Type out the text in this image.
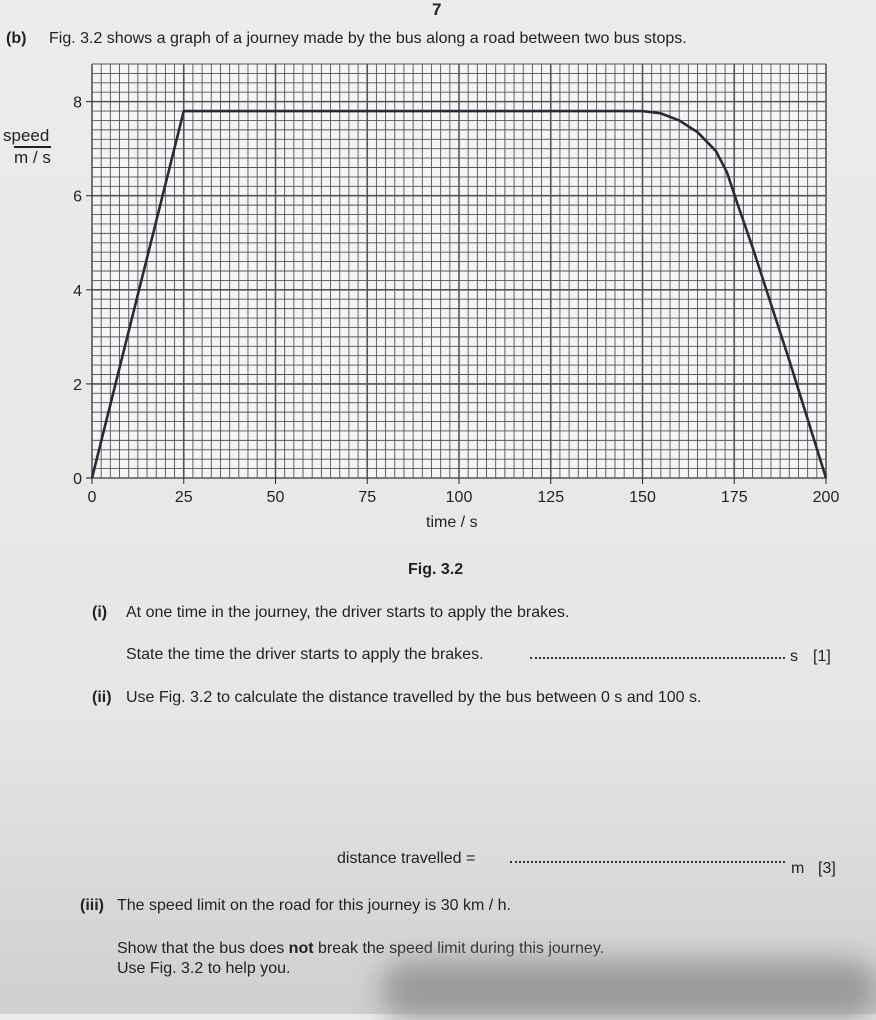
7
(b) Fig. 3.2 shows a graph of a journey made by the bus along a road between two bus stops.
speed
m / s
0	25	50	75	100	125	150	175	200
0
2
4
6
8
time / s
Fig. 3.2
(i) At one time in the journey, the driver starts to apply the brakes.
State the time the driver starts to apply the brakes.	s [1]
(ii) Use Fig. 3.2 to calculate the distance travelled by the bus between 0 s and 100 s.
distance travelled =
m [3]
(iii) The speed limit on the road for this journey is 30 km / h.
Show that the bus does not break the speed limit during this journey.
Use Fig. 3.2 to help you.
